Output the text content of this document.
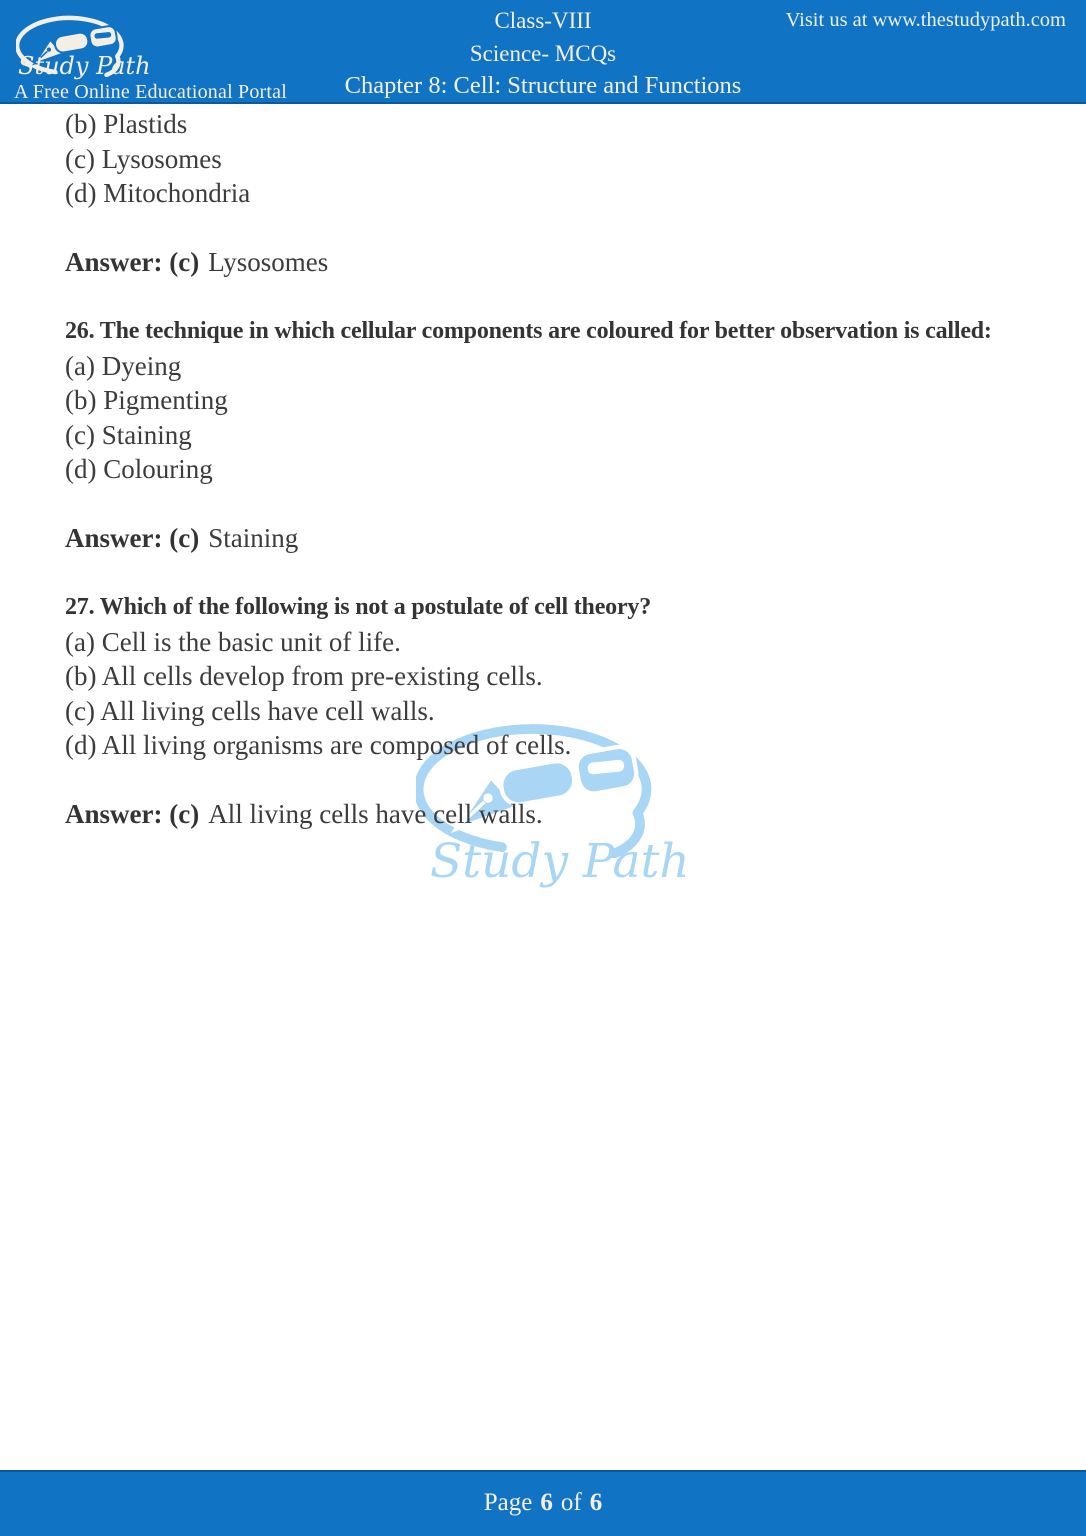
Study Path
A Free Online Educational Portal
Class-VIII
Science- MCQs
Chapter 8: Cell: Structure and Functions
Visit us at www.thestudypath.com
Study Path

(b) Plastids

(c) Lysosomes

(d) Mitochondria

Answer: (c) Lysosomes

26. The technique in which cellular components are coloured for better observation is called:

(a) Dyeing

(b) Pigmenting

(c) Staining

(d) Colouring

Answer: (c) Staining

27. Which of the following is not a postulate of cell theory?

(a) Cell is the basic unit of life.

(b) All cells develop from pre-existing cells.

(c) All living cells have cell walls.

(d) All living organisms are composed of cells.

Answer: (c) All living cells have cell walls.

Page 6 of 6
